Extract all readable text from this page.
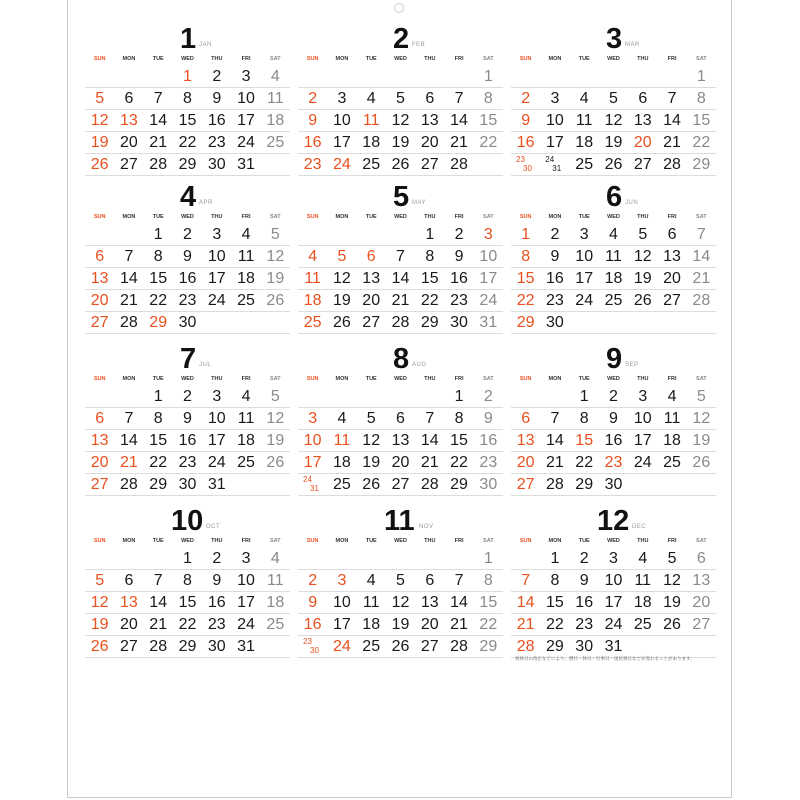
1 JAN
SUN	MON	TUE	WED	THU	FRI	SAT
1	2	3	4
5	6	7	8	9 10 11
12 13 14 15 16 17 18
19 20 21 22 23 24 25
26 27 28 29 30 31
2 FEB
SUN	MON	TUE	WED	THU	FRI	SAT
1
2	3	4	5	6	7	8
9 10 11 12 13 14 15
16 17 18 19 20 21 22
23 24 25 26 27 28
3 MAR
SUN	MON	TUE	WED	THU	FRI	SAT
1
2	3	4	5	6	7	8
9 10 11 12 13 14 15
16 17 18 19 20 21 22
23
30
24
31 25 26 27 28 29
4 APR
SUN	MON	TUE	WED	THU	FRI	SAT
1	2	3	4	5
6	7	8	9 10 11 12
13 14 15 16 17 18 19
20 21 22 23 24 25 26
27 28 29 30
5 MAY
SUN	MON	TUE	WED	THU	FRI	SAT
1	2	3
4	5	6	7	8	9 10
11 12 13 14 15 16 17
18 19 20 21 22 23 24
25 26 27 28 29 30 31
6 JUN
SUN	MON	TUE	WED	THU	FRI	SAT
1	2	3	4	5	6	7
8	9 10 11 12 13 14
15 16 17 18 19 20 21
22 23 24 25 26 27 28
29 30
7 JUL
SUN	MON	TUE	WED	THU	FRI	SAT
1	2	3	4	5
6	7	8	9 10 11 12
13 14 15 16 17 18 19
20 21 22 23 24 25 26
27 28 29 30 31
8 AUG
SUN	MON	TUE	WED	THU	FRI	SAT
1	2
3	4	5	6	7	8	9
10 11 12 13 14 15 16
17 18 19 20 21 22 23
24
31 25 26 27 28 29 30
9 SEP
SUN	MON	TUE	WED	THU	FRI	SAT
1	2	3	4	5
6	7	8	9 10 11 12
13 14 15 16 17 18 19
20 21 22 23 24 25 26
27 28 29 30
10 OCT
SUN	MON	TUE	WED	THU	FRI	SAT
1	2	3	4
5	6	7	8	9 10 11
12 13 14 15 16 17 18
19 20 21 22 23 24 25
26 27 28 29 30 31
11 NOV
SUN	MON	TUE	WED	THU	FRI	SAT
1
2	3	4	5	6	7	8
9 10 11 12 13 14 15
16 17 18 19 20 21 22
23
30 24 25 26 27 28 29
12 DEC
SUN	MON	TUE	WED	THU	FRI	SAT
1	2	3	4	5	6
7	8	9 10 11 12 13
14 15 16 17 18 19 20
21 22 23 24 25 26 27
28 29 30 31
祝休日の改正などにより、暦日・休日・行事日・国民祝日などが変わることがあります。
